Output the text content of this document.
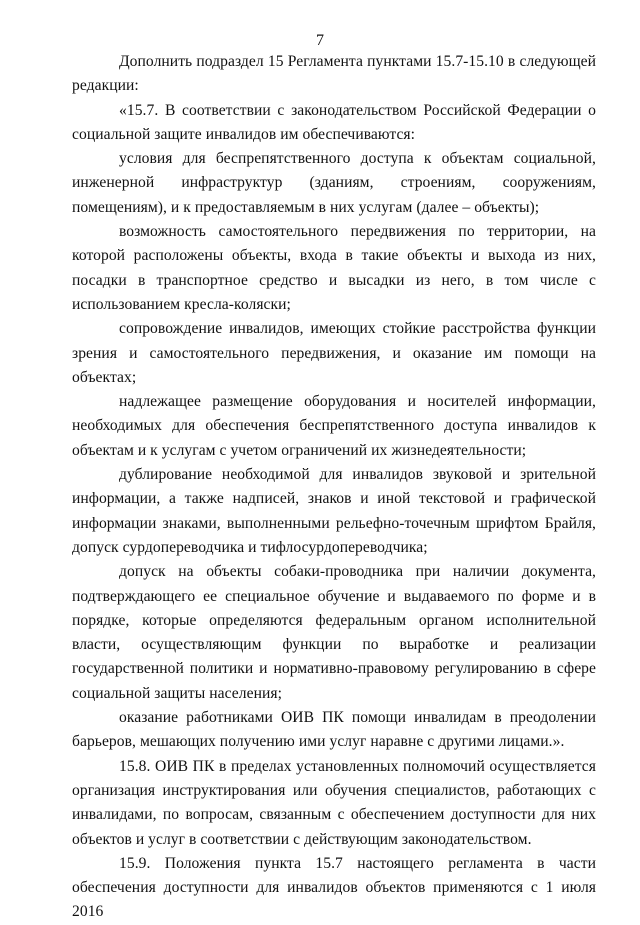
7

Дополнить подраздел 15 Регламента пунктами 15.7-15.10 в следующей редакции:

«15.7. В соответствии с законодательством Российской Федерации о социальной защите инвалидов им обеспечиваются:

условия для беспрепятственного доступа к объектам социальной, инженерной инфраструктур (зданиям, строениям, сооружениям, помещениям), и к предоставляемым в них услугам (далее – объекты);

возможность самостоятельного передвижения по территории, на которой расположены объекты, входа в такие объекты и выхода из них, посадки в транспортное средство и высадки из него, в том числе с использованием кресла-коляски;

сопровождение инвалидов, имеющих стойкие расстройства функции зрения и самостоятельного передвижения, и оказание им помощи на объектах;

надлежащее размещение оборудования и носителей информации, необходимых для обеспечения беспрепятственного доступа инвалидов к объектам и к услугам с учетом ограничений их жизнедеятельности;

дублирование необходимой для инвалидов звуковой и зрительной информации, а также надписей, знаков и иной текстовой и графической информации знаками, выполненными рельефно-точечным шрифтом Брайля, допуск сурдопереводчика и тифлосурдопереводчика;

допуск на объекты собаки-проводника при наличии документа, подтверждающего ее специальное обучение и выдаваемого по форме и в порядке, которые определяются федеральным органом исполнительной власти, осуществляющим функции по выработке и реализации государственной политики и нормативно-правовому регулированию в сфере социальной защиты населения;

оказание работниками ОИВ ПК помощи инвалидам в преодолении барьеров, мешающих получению ими услуг наравне с другими лицами.».

15.8. ОИВ ПК в пределах установленных полномочий осуществляется организация инструктирования или обучения специалистов, работающих с инвалидами, по вопросам, связанным с обеспечением доступности для них объектов и услуг в соответствии с действующим законодательством.

15.9. Положения пункта 15.7 настоящего регламента в части обеспечения доступности для инвалидов объектов применяются с 1 июля 2016
